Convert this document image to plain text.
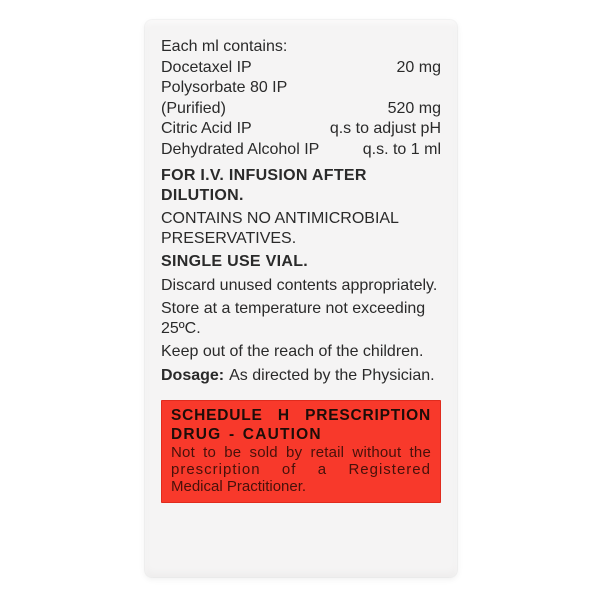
Each ml contains:
Docetaxel IP	20 mg
Polysorbate 80 IP
(Purified)	520 mg
Citric Acid IP	q.s to adjust pH
Dehydrated Alcohol IP	q.s. to 1 ml
FOR I.V. INFUSION AFTER DILUTION.
CONTAINS NO ANTIMICROBIAL PRESERVATIVES.
SINGLE USE VIAL.
Discard unused contents appropriately.
Store at a temperature not exceeding 25ºC.
Keep out of the reach of the children.
Dosage: As directed by the Physician.
SCHEDULE H PRESCRIPTION
DRUG - CAUTION
Not to be sold by retail without the
prescription of a Registered
Medical Practitioner.
